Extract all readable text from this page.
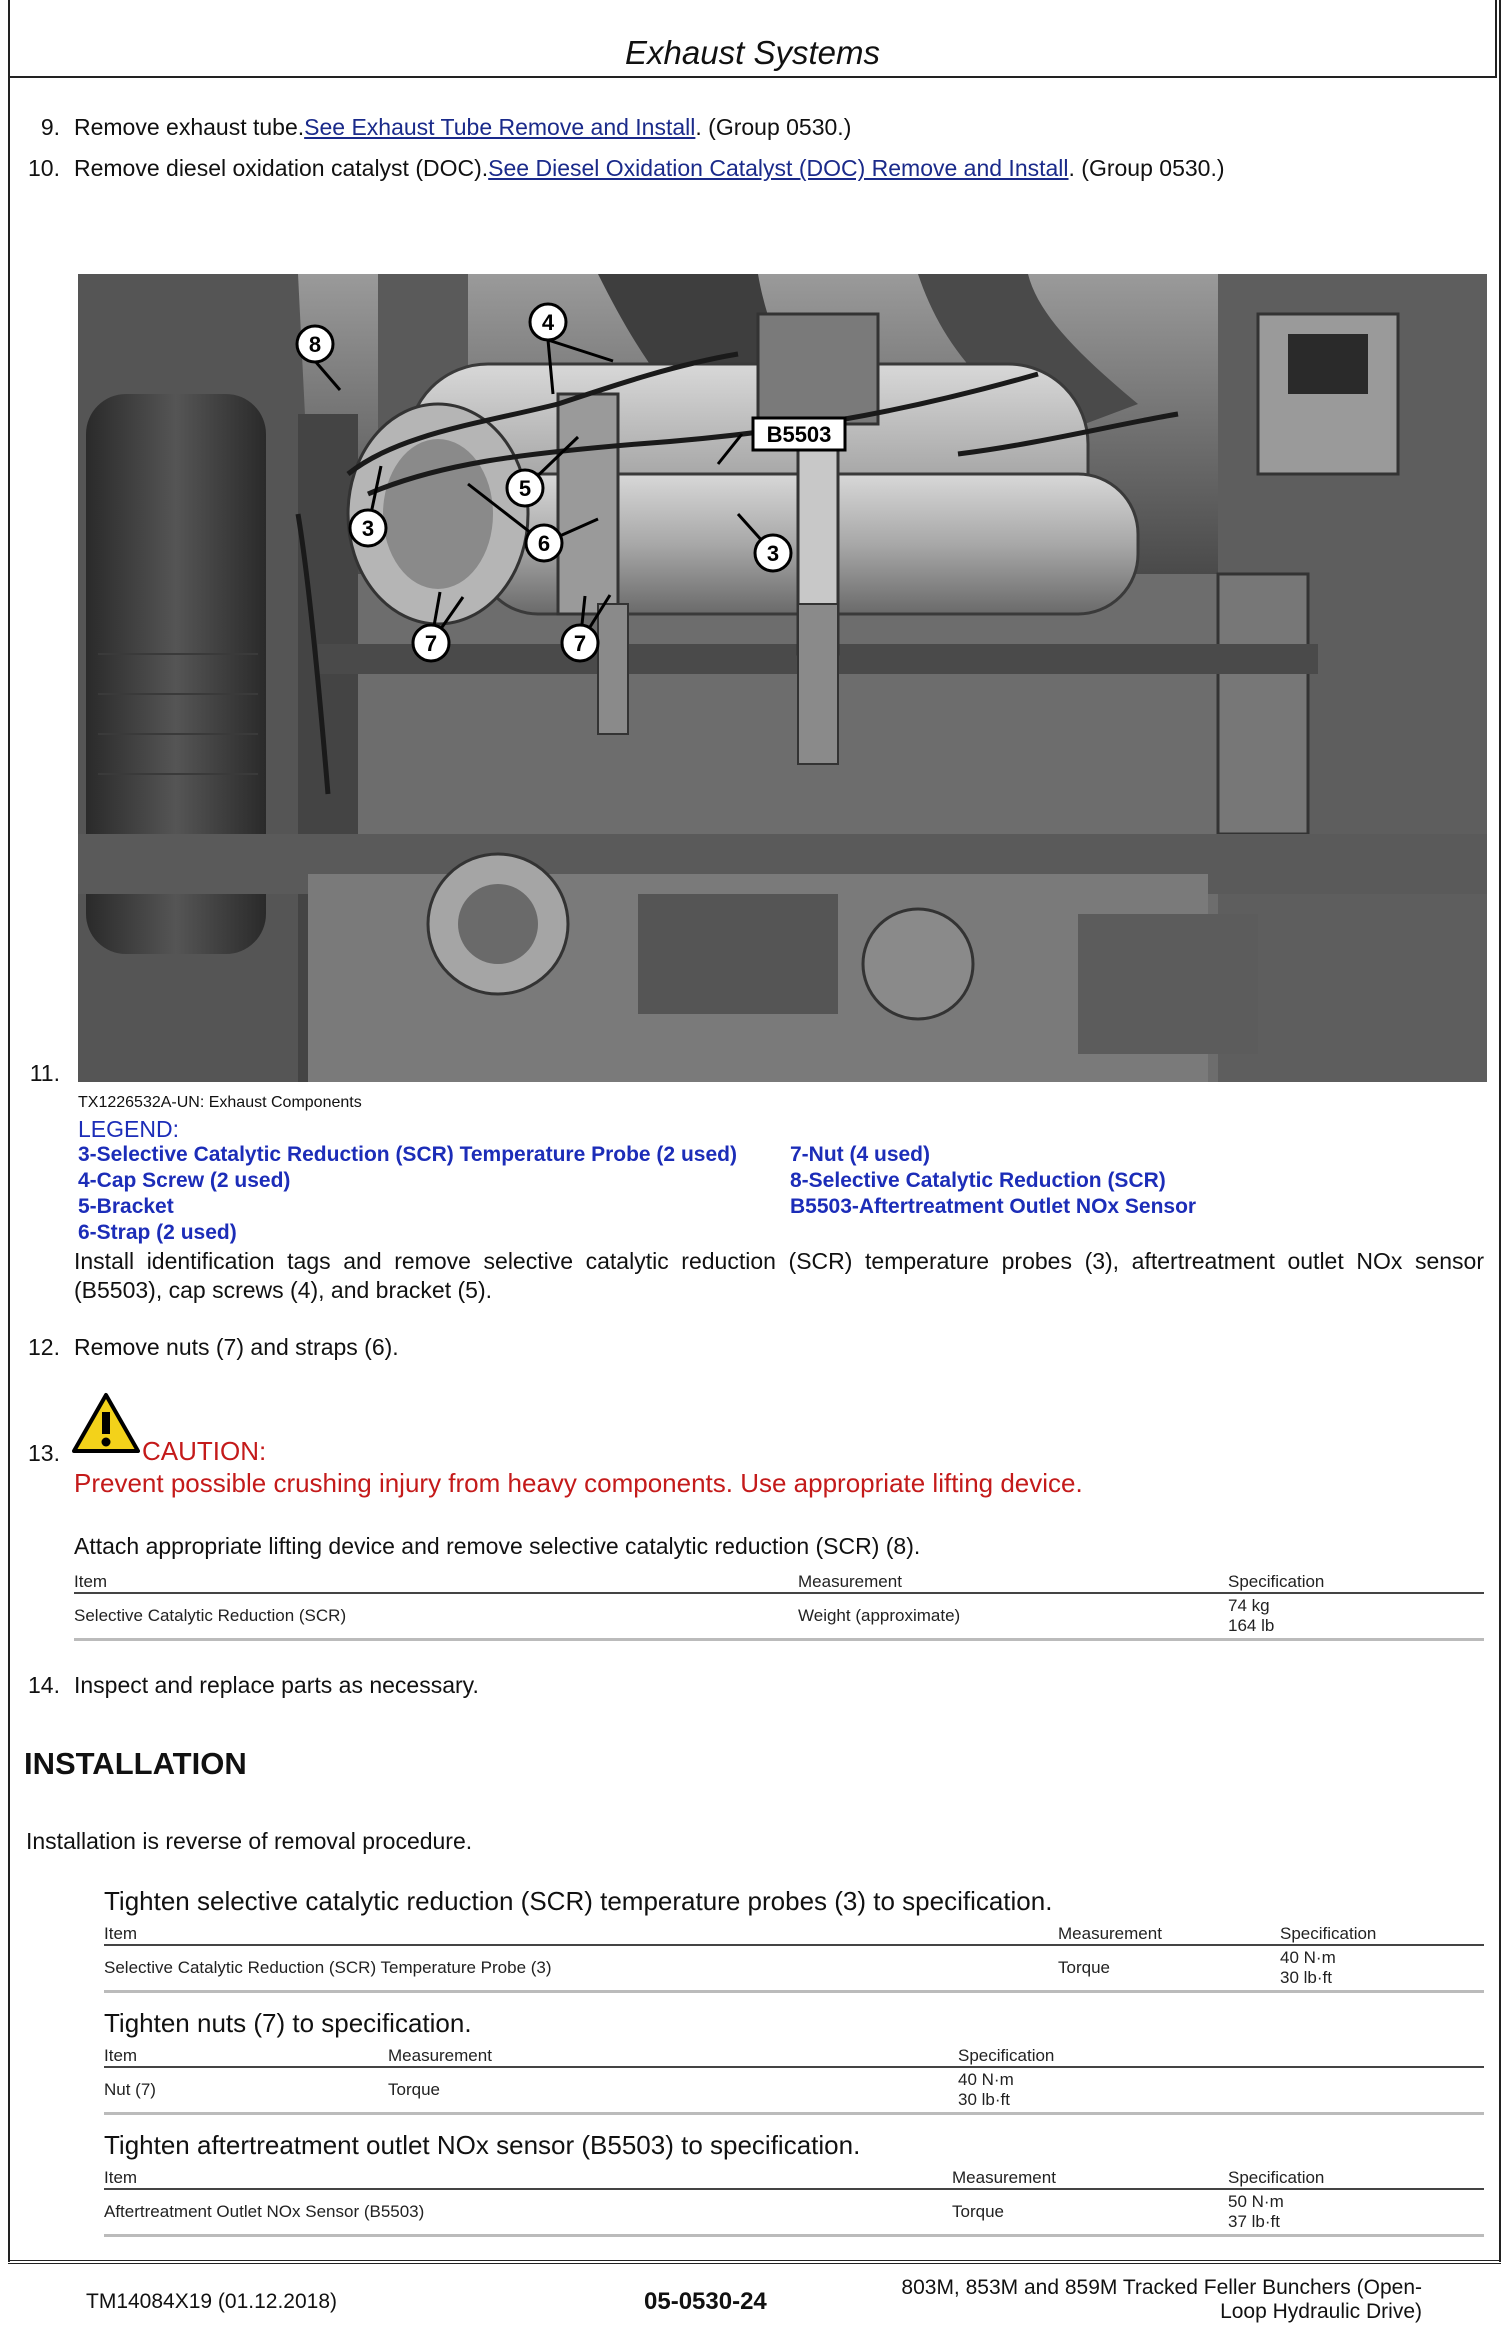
Exhaust Systems
9. Remove exhaust tube.See Exhaust Tube Remove and Install. (Group 0530.)
10. Remove diesel oxidation catalyst (DOC).See Diesel Oxidation Catalyst (DOC) Remove and Install. (Group 0530.)
8
4
B5503
5
3
6	3
7	7
11.
TX1226532A-UN: Exhaust Components
LEGEND:
3-Selective Catalytic Reduction (SCR) Temperature Probe (2 used)
4-Cap Screw (2 used)
5-Bracket
6-Strap (2 used)
7-Nut (4 used)
8-Selective Catalytic Reduction (SCR)
B5503-Aftertreatment Outlet NOx Sensor
Install identification tags and remove selective catalytic reduction (SCR) temperature probes (3), aftertreatment outlet NOx sensor (B5503), cap screws (4), and bracket (5).
12. Remove nuts (7) and straps (6).
13.	CAUTION:
Prevent possible crushing injury from heavy components. Use appropriate lifting device.
Attach appropriate lifting device and remove selective catalytic reduction (SCR) (8).
Item	Measurement	Specification
Selective Catalytic Reduction (SCR)	Weight (approximate)	74 kg
164 lb
14. Inspect and replace parts as necessary.
INSTALLATION
Installation is reverse of removal procedure.
Tighten selective catalytic reduction (SCR) temperature probes (3) to specification.
Item	Measurement	Specification
Selective Catalytic Reduction (SCR) Temperature Probe (3)	Torque	40 N·m
30 lb·ft
Tighten nuts (7) to specification.
Item	Measurement	Specification
Nut (7)	Torque	40 N·m
30 lb·ft
Tighten aftertreatment outlet NOx sensor (B5503) to specification.
Item	Measurement	Specification
Aftertreatment Outlet NOx Sensor (B5503)	Torque	50 N·m
37 lb·ft
TM14084X19 (01.12.2018)	05-0530-24
803M, 853M and 859M Tracked Feller Bunchers (Open-Loop Hydraulic Drive)
